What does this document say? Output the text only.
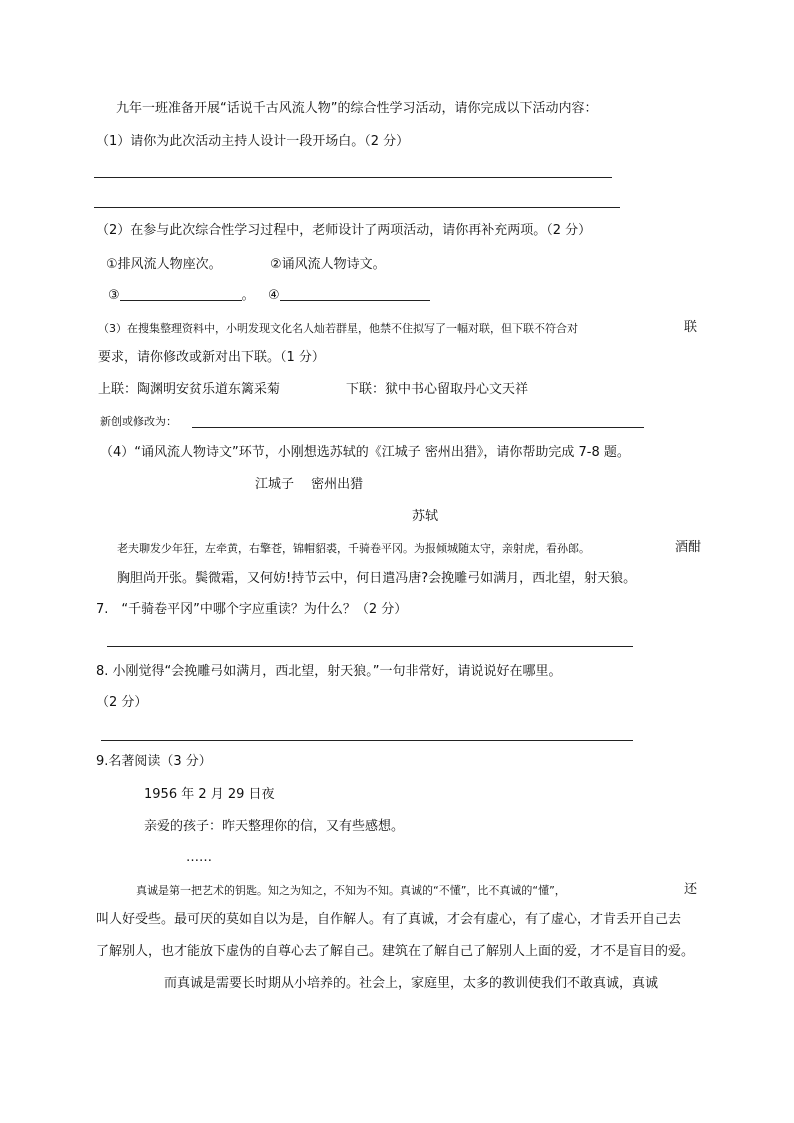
九年一班准备开展“话说千古风流人物”的综合性学习活动，请你完成以下活动内容：
（1）请你为此次活动主持人设计一段开场白。（2 分）
（2）在参与此次综合性学习过程中，老师设计了两项活动，请你再补充两项。（2 分）
①排风流人物座次。	②诵风流人物诗文。
③	。 ④
（3）在搜集整理资料中，小明发现文化名人灿若群星，他禁不住拟写了一幅对联，但下联不符合对	联
要求，请你修改或新对出下联。（1 分）
上联：陶渊明安贫乐道东篱采菊	下联：狱中书心留取丹心文天祥
新创或修改为：
（4）“诵风流人物诗文”环节，小刚想选苏轼的《江城子 密州出猎》，请你帮助完成 7-8 题。
江城子　 密州出猎
苏轼
老夫聊发少年狂，左牵黄，右擎苍，锦帽貂裘，千骑卷平冈。为报倾城随太守，亲射虎，看孙郎。	酒酣
胸胆尚开张。鬓微霜，又何妨!持节云中，何日遣冯唐?会挽雕弓如满月，西北望，射天狼。
7.　“千骑卷平冈”中哪个字应重读？为什么？（2 分）
8. 小刚觉得“会挽雕弓如满月，西北望，射天狼。”一句非常好，请说说好在哪里。
（2 分）
9.名著阅读（3 分）
1956 年 2 月 29 日夜
亲爱的孩子：昨天整理你的信，又有些感想。
……
真诚是第一把艺术的钥匙。知之为知之，不知为不知。真诚的“不懂”，比不真诚的“懂”，	还
叫人好受些。最可厌的莫如自以为是，自作解人。有了真诚，才会有虚心，有了虚心，才肯丢开自己去
了解别人，也才能放下虚伪的自尊心去了解自己。建筑在了解自己了解别人上面的爱，才不是盲目的爱。
而真诚是需要长时期从小培养的。社会上，家庭里，太多的教训使我们不敢真诚，真诚
